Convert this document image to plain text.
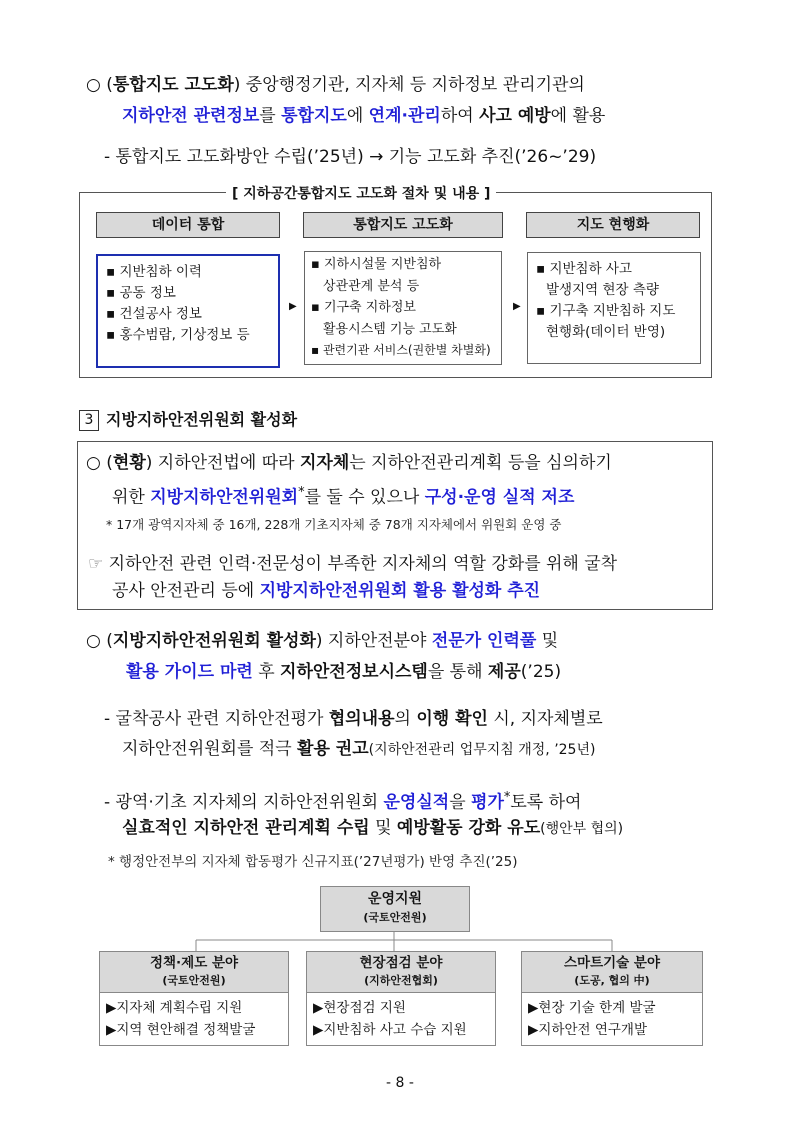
○ (통합지도 고도화) 중앙행정기관, 지자체 등 지하정보 관리기관의
지하안전 관련정보를 통합지도에 연계·관리하여 사고 예방에 활용
- 통합지도 고도화방안 수립(’25년) → 기능 고도화 추진(’26~’29)
[ 지하공간통합지도 고도화 절차 및 내용 ]
데이터 통합	통합지도 고도화	지도 현행화
▪ 지반침하 이력
▪ 공동 정보
▪ 건설공사 정보
▪ 홍수범람, 기상정보 등
▶
▪ 지하시설물 지반침하
상관관계 분석 등
▪ 기구축 지하정보
활용시스템 기능 고도화
▪ 관련기관 서비스(권한별 차별화)
▶
▪ 지반침하 사고
발생지역 현장 측량
▪ 기구축 지반침하 지도
현행화(데이터 반영)
3 지방지하안전위원회 활성화
○ (현황) 지하안전법에 따라 지자체는 지하안전관리계획 등을 심의하기
위한 지방지하안전위원회*를 둘 수 있으나 구성·운영 실적 저조
* 17개 광역지자체 중 16개, 228개 기초지자체 중 78개 지자체에서 위원회 운영 중
☞ 지하안전 관련 인력·전문성이 부족한 지자체의 역할 강화를 위해 굴착
공사 안전관리 등에 지방지하안전위원회 활용 활성화 추진
○ (지방지하안전위원회 활성화) 지하안전분야 전문가 인력풀 및
활용 가이드 마련 후 지하안전정보시스템을 통해 제공(’25)
- 굴착공사 관련 지하안전평가 협의내용의 이행 확인 시, 지자체별로
지하안전위원회를 적극 활용 권고(지하안전관리 업무지침 개정, ’25년)
- 광역·기초 지자체의 지하안전위원회 운영실적을 평가*토록 하여
실효적인 지하안전 관리계획 수립 및 예방활동 강화 유도(행안부 협의)
* 행정안전부의 지자체 합동평가 신규지표(’27년평가) 반영 추진(’25)
운영지원
(국토안전원)
정책·제도 분야
(국토안전원)
▶지자체 계획수립 지원
▶지역 현안해결 정책발굴
현장점검 분야
(지하안전협회)
▶현장점검 지원
▶지반침하 사고 수습 지원
스마트기술 분야
(도공, 협의 中)
▶현장 기술 한계 발굴
▶지하안전 연구개발
- 8 -
